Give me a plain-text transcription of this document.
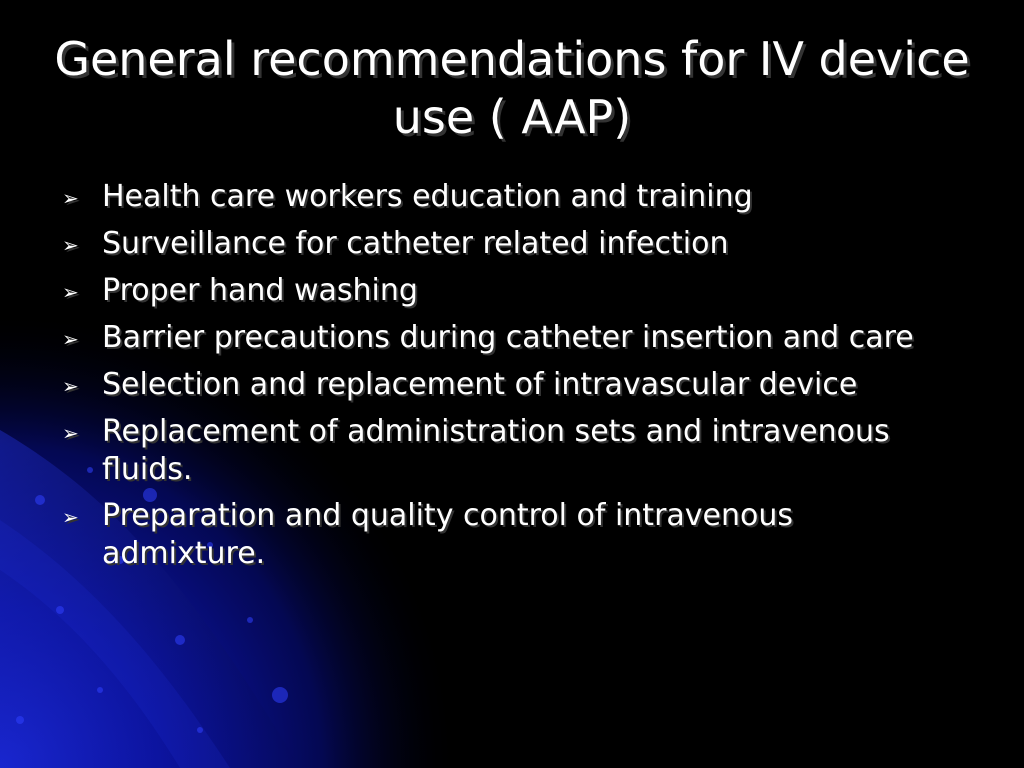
General recommendations for IV device use ( AAP)
➢ Health care workers education and training
➢ Surveillance for catheter related infection
➢ Proper hand washing
➢ Barrier precautions during catheter insertion and care
➢ Selection and replacement of intravascular device
➢ Replacement of administration sets and intravenous fluids.
➢ Preparation and quality control of intravenous admixture.
